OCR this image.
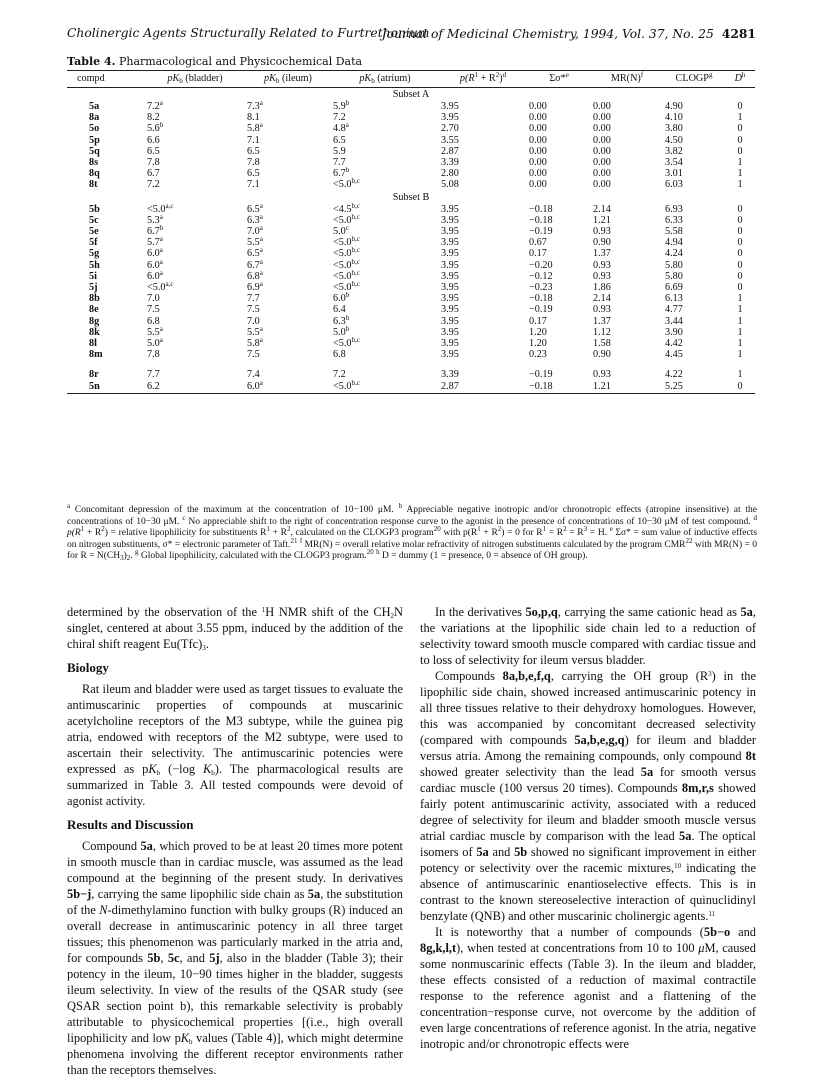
Cholinergic Agents Structurally Related to Furtrethonium
Journal of Medicinal Chemistry, 1994, Vol. 37, No. 25 4281
Table 4. Pharmacological and Physicochemical Data
compd	$pK_b$ (bladder)	$pK_b$ (ileum)	$pK_b$ (atrium)	$p(R^1 + R^2)^d$	Σσ*$^e$	$MR(N)^f$	CLOGP$^g$	$D^h$
Subset A								
5a	7.2$^a$	7.3$^a$	5.9$^b$	3.95	0.00	0.00	4.90	0
8a	8.2	8.1	7.2	3.95	0.00	0.00	4.10	1
5o	5.6$^b$	5.8$^a$	4.8$^a$	2.70	0.00	0.00	3.80	0
5p	6.6	7.1	6.5	3.55	0.00	0.00	4.50	0
5q	6.5	6.5	5.9	2.87	0.00	0.00	3.82	0
8s	7.8	7.8	7.7	3.39	0.00	0.00	3.54	1
8q	6.7	6.5	6.7$^b$	2.80	0.00	0.00	3.01	1
8t	7.2	7.1	$<5.0^{b,c}$	5.08	0.00	0.00	6.03	1
Subset B								
5b	$<5.0^{a,c}$	6.5$^a$	$<4.5^{b,c}$	3.95	−0.18	2.14	6.93	0
5c	5.3$^a$	6.3$^a$	$<5.0^{b,c}$	3.95	−0.18	1.21	6.33	0
5e	6.7$^b$	7.0$^a$	5.0$^c$	3.95	−0.19	0.93	5.58	0
5f	5.7$^a$	5.5$^a$	$<5.0^{b,c}$	3.95	0.67	0.90	4.94	0
5g	6.0$^a$	6.5$^a$	$<5.0^{b,c}$	3.95	0.17	1.37	4.24	0
5h	6.0$^a$	6.7$^a$	$<5.0^{b,c}$	3.95	−0.20	0.93	5.80	0
5i	6.0$^a$	6.8$^a$	$<5.0^{b,c}$	3.95	−0.12	0.93	5.80	0
5j	$<5.0^{a,c}$	6.9$^a$	$<5.0^{b,c}$	3.95	−0.23	1.86	6.69	0
8b	7.0	7.7	6.0$^b$	3.95	−0.18	2.14	6.13	1
8e	7.5	7.5	6.4	3.95	−0.19	0.93	4.77	1
8g	6.8	7.0	6.3$^b$	3.95	0.17	1.37	3.44	1
8k	5.5$^a$	5.5$^a$	5.0$^b$	3.95	1.20	1.12	3.90	1
8l	5.0$^a$	5.8$^a$	$<5.0^{b,c}$	3.95	1.20	1.58	4.42	1
8m	7.8	7.5	6.8	3.95	0.23	0.90	4.45	1

8r	7.7	7.4	7.2	3.39	−0.19	0.93	4.22	1
5n	6.2	6.0$^a$	$<5.0^{b,c}$	2.87	−0.18	1.21	5.25	0
$^a$ Concomitant depression of the maximum at the concentration of 10−100 μM. $^b$ Appreciable negative inotropic and/or chronotropic effects (atropine insensitive) at the concentrations of 10−30 μM. $^c$ No appreciable shift to the right of concentration response curve to the agonist in the presence of concentrations of 10−30 μM of test compound. $^d$ $p(R^1 + R^2)$ = relative lipophilicity for substituents $R^1 + R^2$, calculated on the CLOGP3 program$^{20}$ with $p(R^1 + R^2) = 0$ for $R^1 = R^2 = R^3 = H$. $^e$ Σσ* = sum value of inductive effects on nitrogen substituents, σ* = electronic parameter of Taft.$^{21}$ $^f$ MR(N) = overall relative molar refractivity of nitrogen substituents calculated by the program CMR$^{22}$ with MR(N) = 0 for $R = N(CH_3)_2$. $^g$ Global lipophilicity, calculated with the CLOGP3 program.$^{20}$ $^h$ D = dummy (1 = presence, 0 = absence of OH group).

determined by the observation of the $^1$H NMR shift of the $CH_2N$ singlet, centered at about 3.55 ppm, induced by the addition of the chiral shift reagent $Eu(Tfc)_3$.

Biology

Rat ileum and bladder were used as target tissues to evaluate the antimuscarinic properties of compounds at muscarinic acetylcholine receptors of the M3 subtype, while the guinea pig atria, endowed with receptors of the M2 subtype, were used to ascertain their selectivity. The antimuscarinic potencies were expressed as $pK_b$ (−log $K_b$). The pharmacological results are summarized in Table 3. All tested compounds were devoid of agonist activity.

Results and Discussion

Compound 5a, which proved to be at least 20 times more potent in smooth muscle than in cardiac muscle, was assumed as the lead compound at the beginning of the present study. In derivatives 5b−j, carrying the same lipophilic side chain as 5a, the substitution of the N-dimethylamino function with bulky groups (R) induced an overall decrease in antimuscarinic potency in all three target tissues; this phenomenon was particularly marked in the atria and, for compounds 5b, 5c, and 5j, also in the bladder (Table 3); their potency in the ileum, 10−90 times higher in the bladder, suggests ileum selectivity. In view of the results of the QSAR study (see QSAR section point b), this remarkable selectivity is probably attributable to physicochemical properties [(i.e., high overall lipophilicity and low $pK_b$ values (Table 4)], which might determine phenomena involving the different receptor environments rather than the receptors themselves.

In the derivatives 5o,p,q, carrying the same cationic head as 5a, the variations at the lipophilic side chain led to a reduction of selectivity toward smooth muscle compared with cardiac tissue and to loss of selectivity for ileum versus bladder.

Compounds 8a,b,e,f,q, carrying the OH group $(R^3)$ in the lipophilic side chain, showed increased antimuscarinic potency in all three tissues relative to their dehydroxy homologues. However, this was accompanied by concomitant decreased selectivity (compared with compounds 5a,b,e,g,q) for ileum and bladder versus atria. Among the remaining compounds, only compound 8t showed greater selectivity than the lead 5a for smooth versus cardiac muscle (100 versus 20 times). Compounds 8m,r,s showed fairly potent antimuscarinic activity, associated with a reduced degree of selectivity for ileum and bladder smooth muscle versus atrial cardiac muscle by comparison with the lead 5a. The optical isomers of 5a and 5b showed no significant improvement in either potency or selectivity over the racemic mixtures,$^{10}$ indicating the absence of antimuscarinic enantioselective effects. This is in contrast to the known stereoselective interaction of quinuclidinyl benzylate (QNB) and other muscarinic cholinergic agents.$^{11}$

It is noteworthy that a number of compounds (5b−o and 8g,k,l,t), when tested at concentrations from 10 to 100 μM, caused some nonmuscarinic effects (Table 3). In the ileum and bladder, these effects consisted of a reduction of maximal contractile response to the reference agonist and a flattening of the concentration−response curve, not overcome by the addition of even large concentrations of reference agonist. In the atria, negative inotropic and/or chronotropic effects were
